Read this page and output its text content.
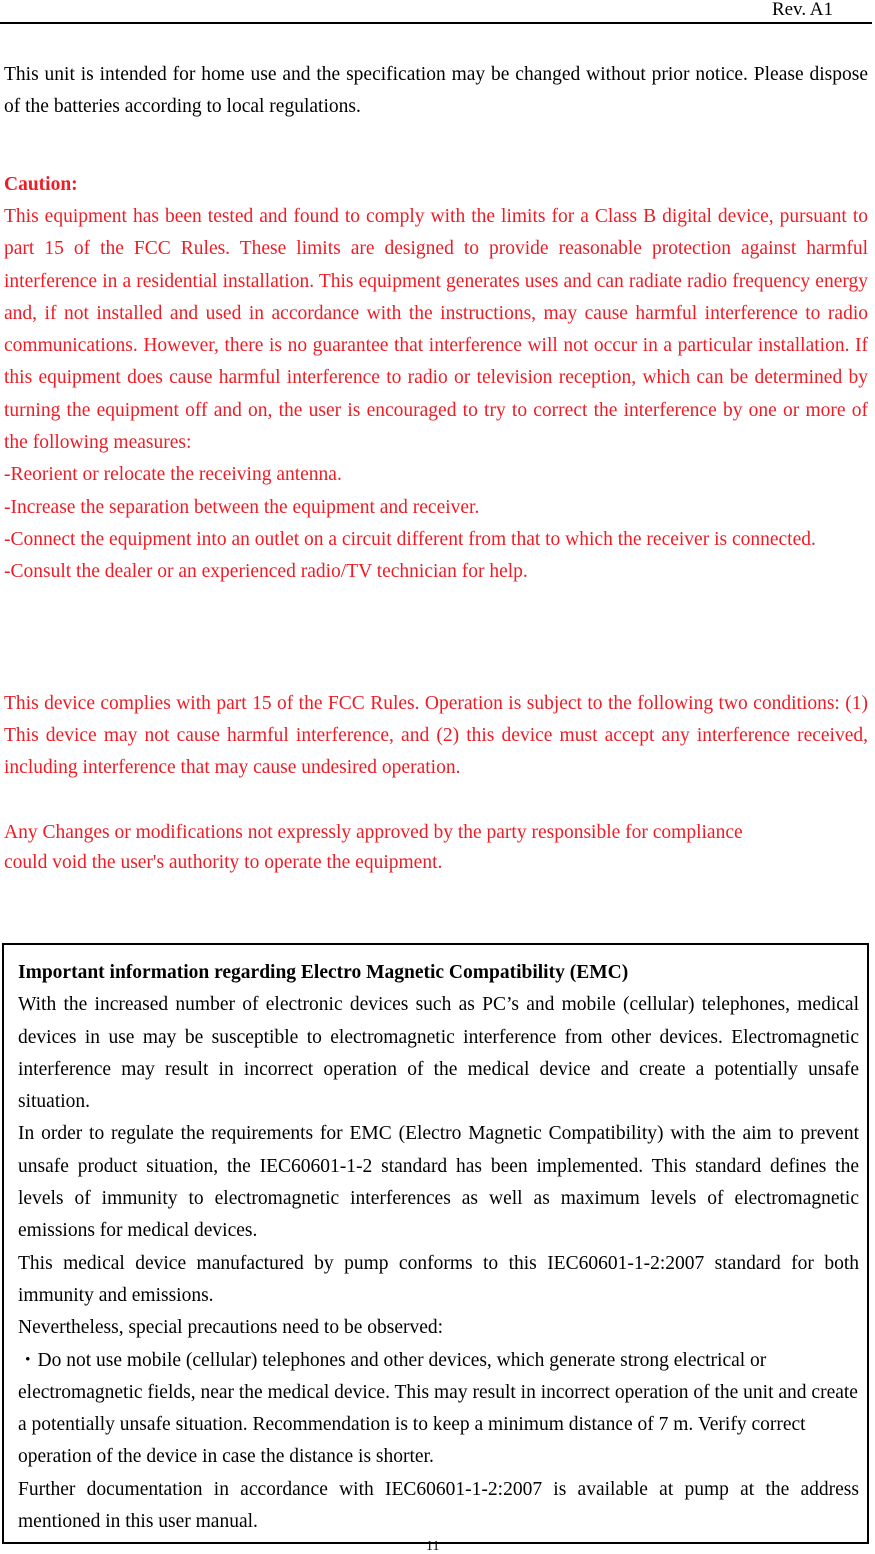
Rev. A1

This unit is intended for home use and the specification may be changed without prior notice. Please dispose of the batteries according to local regulations.

Caution:

This equipment has been tested and found to comply with the limits for a Class B digital device, pursuant to part 15 of the FCC Rules. These limits are designed to provide reasonable protection against harmful interference in a residential installation. This equipment generates uses and can radiate radio frequency energy and, if not installed and used in accordance with the instructions, may cause harmful interference to radio communications. However, there is no guarantee that interference will not occur in a particular installation. If this equipment does cause harmful interference to radio or television reception, which can be determined by turning the equipment off and on, the user is encouraged to try to correct the interference by one or more of the following measures:
-Reorient or relocate the receiving antenna.
-Increase the separation between the equipment and receiver.
-Connect the equipment into an outlet on a circuit different from that to which the receiver is connected.
-Consult the dealer or an experienced radio/TV technician for help.

This device complies with part 15 of the FCC Rules. Operation is subject to the following two conditions: (1) This device may not cause harmful interference, and (2) this device must accept any interference received, including interference that may cause undesired operation.

Any Changes or modifications not expressly approved by the party responsible for compliance
could void the user's authority to operate the equipment.

Important information regarding Electro Magnetic Compatibility (EMC)

With the increased number of electronic devices such as PC’s and mobile (cellular) telephones, medical devices in use may be susceptible to electromagnetic interference from other devices. Electromagnetic interference may result in incorrect operation of the medical device and create a potentially unsafe situation.

In order to regulate the requirements for EMC (Electro Magnetic Compatibility) with the aim to prevent unsafe product situation, the IEC60601-1-2 standard has been implemented. This standard defines the levels of immunity to electromagnetic interferences as well as maximum levels of electromagnetic emissions for medical devices.

This medical device manufactured by pump conforms to this IEC60601-1-2:2007 standard for both immunity and emissions.

Nevertheless, special precautions need to be observed:

・Do not use mobile (cellular) telephones and other devices, which generate strong electrical or electromagnetic fields, near the medical device. This may result in incorrect operation of the unit and create a potentially unsafe situation. Recommendation is to keep a minimum distance of 7 m. Verify correct operation of the device in case the distance is shorter.

Further documentation in accordance with IEC60601-1-2:2007 is available at pump at the address mentioned in this user manual.

11
